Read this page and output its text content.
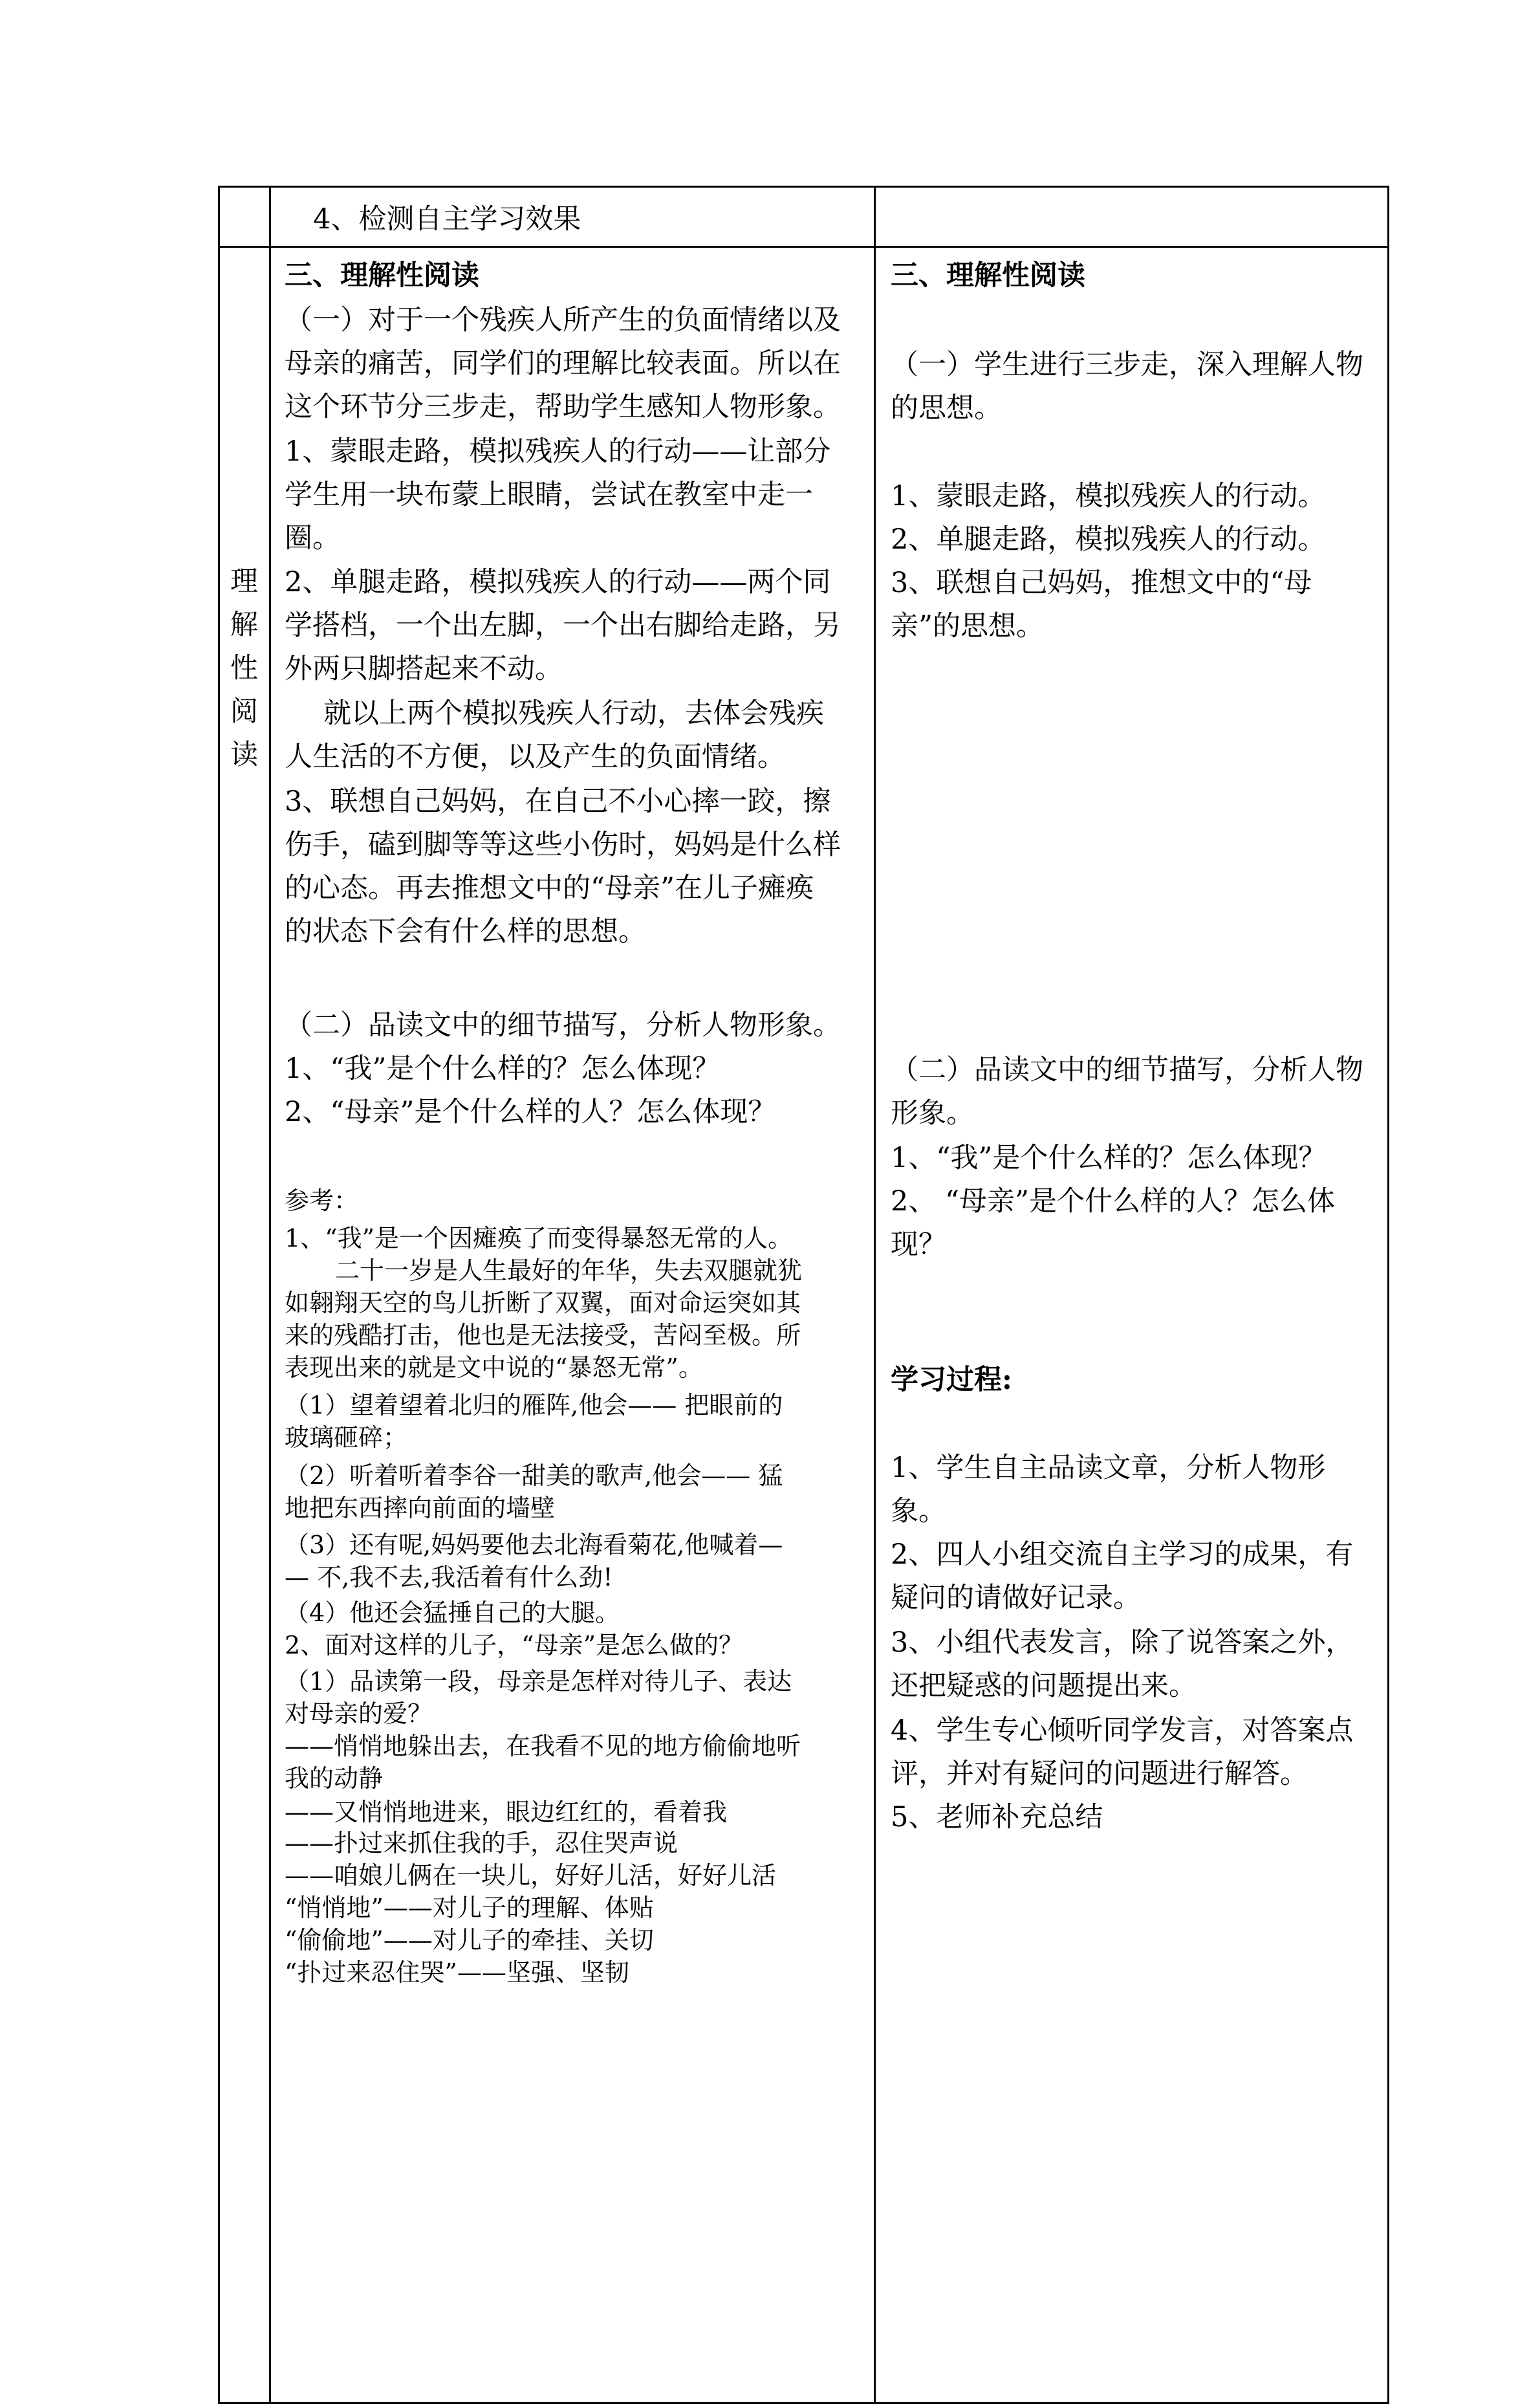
4、检测自主学习效果
理
解
性
阅
读
三、理解性阅读
（一）对于一个残疾人所产生的负面情绪以及
母亲的痛苦，同学们的理解比较表面。所以在
这个环节分三步走，帮助学生感知人物形象。
1、蒙眼走路，模拟残疾人的行动——让部分
学生用一块布蒙上眼睛，尝试在教室中走一
圈。
2、单腿走路，模拟残疾人的行动——两个同
学搭档，一个出左脚，一个出右脚给走路，另
外两只脚搭起来不动。
就以上两个模拟残疾人行动，去体会残疾
人生活的不方便，以及产生的负面情绪。
3、联想自己妈妈，在自己不小心摔一跤，擦
伤手，磕到脚等等这些小伤时，妈妈是什么样
的心态。再去推想文中的“母亲”在儿子瘫痪
的状态下会有什么样的思想。
（二）品读文中的细节描写，分析人物形象。
1、“我”是个什么样的？怎么体现？
2、“母亲”是个什么样的人？怎么体现？
参考：
1、“我”是一个因瘫痪了而变得暴怒无常的人。
二十一岁是人生最好的年华，失去双腿就犹
如翱翔天空的鸟儿折断了双翼，面对命运突如其
来的残酷打击，他也是无法接受，苦闷至极。所
表现出来的就是文中说的“暴怒无常”。
（1）望着望着北归的雁阵,他会—— 把眼前的
玻璃砸碎；
（2）听着听着李谷一甜美的歌声,他会—— 猛
地把东西摔向前面的墙壁
（3）还有呢,妈妈要他去北海看菊花,他喊着—
— 不,我不去,我活着有什么劲!
（4）他还会猛捶自己的大腿。
2、面对这样的儿子，“母亲”是怎么做的？
（1）品读第一段，母亲是怎样对待儿子、表达
对母亲的爱？
——悄悄地躲出去，在我看不见的地方偷偷地听
我的动静
——又悄悄地进来，眼边红红的，看着我
——扑过来抓住我的手，忍住哭声说
——咱娘儿俩在一块儿，好好儿活，好好儿活
“悄悄地”——对儿子的理解、体贴
“偷偷地”——对儿子的牵挂、关切
“扑过来忍住哭”——坚强、坚韧
三、理解性阅读
（一）学生进行三步走，深入理解人物
的思想。
1、蒙眼走路，模拟残疾人的行动。
2、单腿走路，模拟残疾人的行动。
3、联想自己妈妈，推想文中的“母
亲”的思想。
（二）品读文中的细节描写，分析人物
形象。
1、“我”是个什么样的？怎么体现？
2、 “母亲”是个什么样的人？怎么体
现？
学习过程:
1、学生自主品读文章，分析人物形
象。
2、四人小组交流自主学习的成果，有
疑问的请做好记录。
3、小组代表发言，除了说答案之外，
还把疑惑的问题提出来。
4、学生专心倾听同学发言，对答案点
评，并对有疑问的问题进行解答。
5、老师补充总结
